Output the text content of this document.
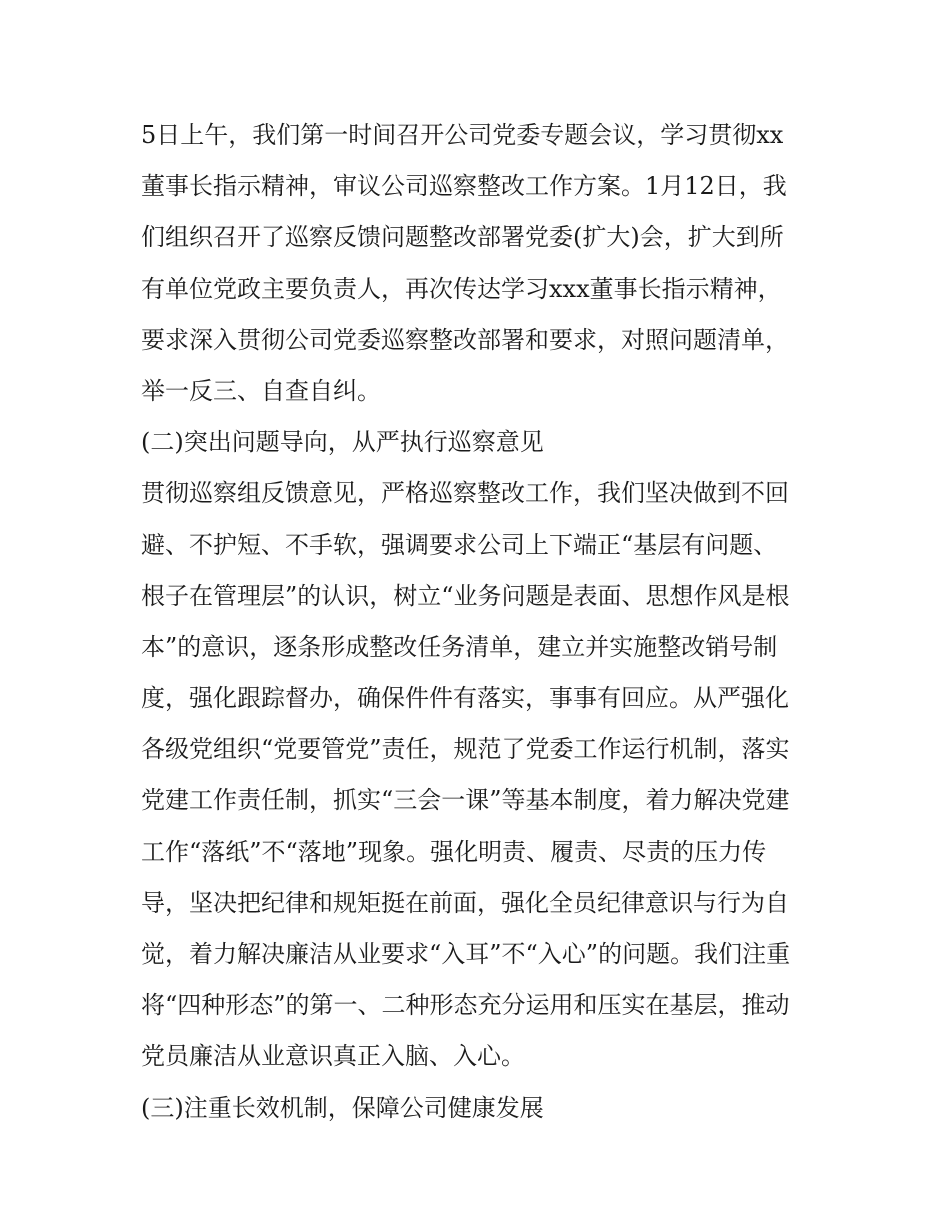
5日上午，我们第一时间召开公司党委专题会议，学习贯彻xx
董事长指示精神，审议公司巡察整改工作方案。1月12日，我
们组织召开了巡察反馈问题整改部署党委(扩大)会，扩大到所
有单位党政主要负责人，再次传达学习xxx董事长指示精神，
要求深入贯彻公司党委巡察整改部署和要求，对照问题清单，
举一反三、自查自纠。
(二)突出问题导向，从严执行巡察意见
贯彻巡察组反馈意见，严格巡察整改工作，我们坚决做到不回
避、不护短、不手软，强调要求公司上下端正“基层有问题、
根子在管理层”的认识，树立“业务问题是表面、思想作风是根
本”的意识，逐条形成整改任务清单，建立并实施整改销号制
度，强化跟踪督办，确保件件有落实，事事有回应。从严强化
各级党组织“党要管党”责任，规范了党委工作运行机制，落实
党建工作责任制，抓实“三会一课”等基本制度，着力解决党建
工作“落纸”不“落地”现象。强化明责、履责、尽责的压力传
导，坚决把纪律和规矩挺在前面，强化全员纪律意识与行为自
觉，着力解决廉洁从业要求“入耳”不“入心”的问题。我们注重
将“四种形态”的第一、二种形态充分运用和压实在基层，推动
党员廉洁从业意识真正入脑、入心。
(三)注重长效机制，保障公司健康发展
